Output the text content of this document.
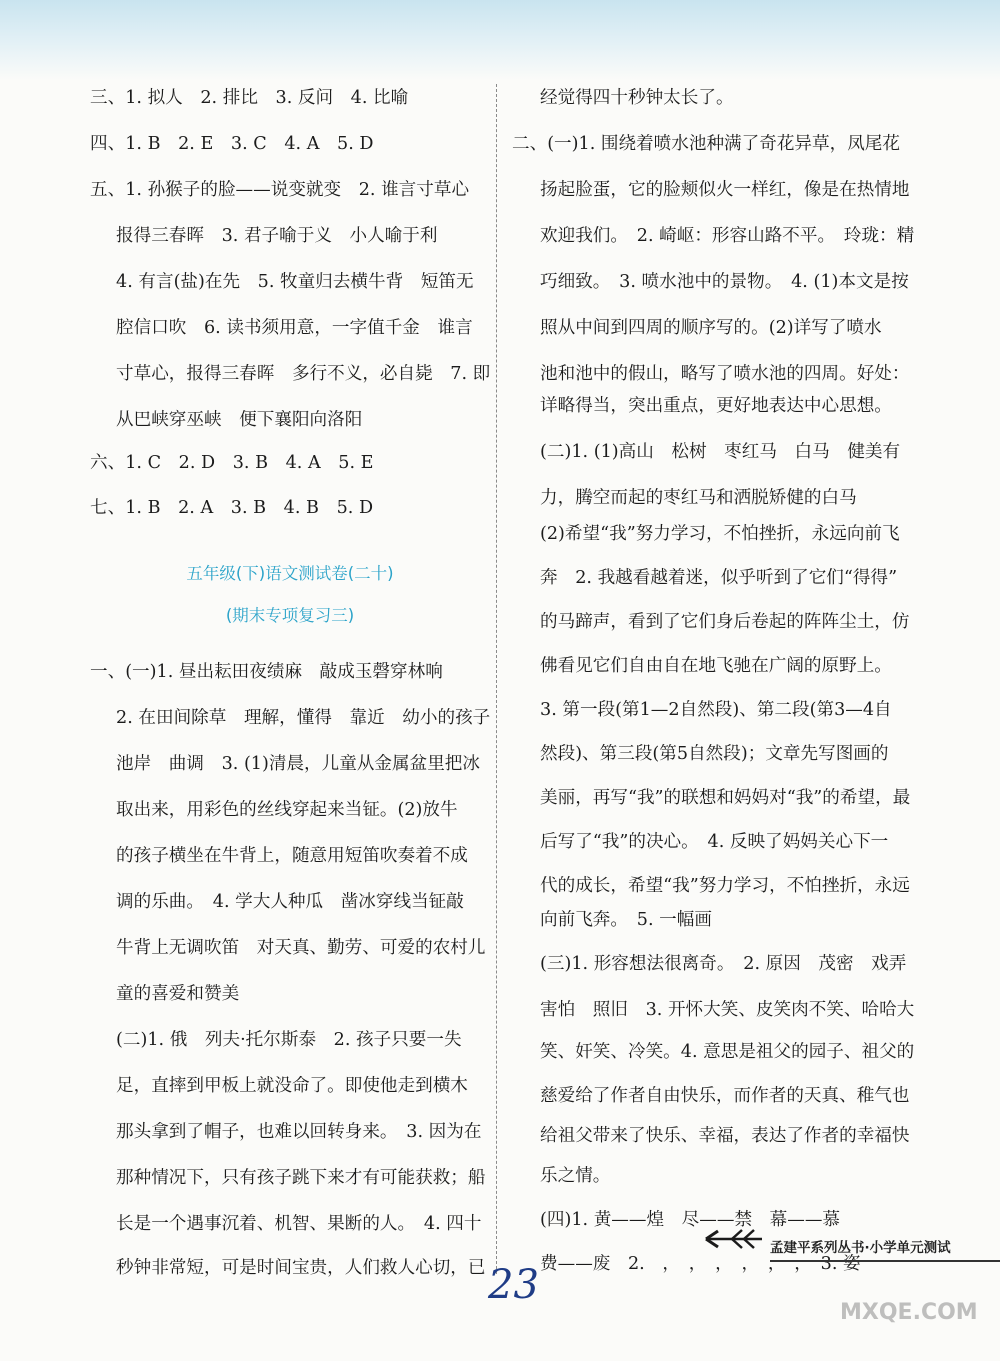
三、1. 拟人　2. 排比　3. 反问　4. 比喻
四、1. B　2. E　3. C　4. A　5. D
五、1. 孙猴子的脸——说变就变　2. 谁言寸草心
报得三春晖　3. 君子喻于义　小人喻于利
4. 有言(盐)在先　5. 牧童归去横牛背　短笛无
腔信口吹　6. 读书须用意，一字值千金　谁言
寸草心，报得三春晖　多行不义，必自毙　7. 即
从巴峡穿巫峡　便下襄阳向洛阳
六、1. C　2. D　3. B　4. A　5. E
七、1. B　2. A　3. B　4. B　5. D
五年级(下)语文测试卷(二十)
(期末专项复习三)
一、(一)1. 昼出耘田夜绩麻　敲成玉磬穿林响
2. 在田间除草　理解，懂得　靠近　幼小的孩子
池岸　曲调　3. (1)清晨，儿童从金属盆里把冰
取出来，用彩色的丝线穿起来当钲。(2)放牛
的孩子横坐在牛背上，随意用短笛吹奏着不成
调的乐曲。　4. 学大人种瓜　凿冰穿线当钲敲
牛背上无调吹笛　对天真、勤劳、可爱的农村儿
童的喜爱和赞美
(二)1. 俄　列夫·托尔斯泰　2. 孩子只要一失
足，直摔到甲板上就没命了。即使他走到横木
那头拿到了帽子，也难以回转身来。　3. 因为在
那种情况下，只有孩子跳下来才有可能获救；船
长是一个遇事沉着、机智、果断的人。　4. 四十
秒钟非常短，可是时间宝贵，人们救人心切，已
经觉得四十秒钟太长了。
二、(一)1. 围绕着喷水池种满了奇花异草，凤尾花
扬起脸蛋，它的脸颊似火一样红，像是在热情地
欢迎我们。　2. 崎岖：形容山路不平。　玲珑：精
巧细致。　3. 喷水池中的景物。　4. (1)本文是按
照从中间到四周的顺序写的。(2)详写了喷水
池和池中的假山，略写了喷水池的四周。好处：
详略得当，突出重点，更好地表达中心思想。
(二)1. (1)高山　松树　枣红马　白马　健美有
力，腾空而起的枣红马和洒脱矫健的白马
(2)希望“我”努力学习，不怕挫折，永远向前飞
奔　2. 我越看越着迷，似乎听到了它们“得得”
的马蹄声，看到了它们身后卷起的阵阵尘土，仿
佛看见它们自由自在地飞驰在广阔的原野上。
3. 第一段(第1—2自然段)、第二段(第3—4自
然段)、第三段(第5自然段)；文章先写图画的
美丽，再写“我”的联想和妈妈对“我”的希望，最
后写了“我”的决心。　4. 反映了妈妈关心下一
代的成长，希望“我”努力学习，不怕挫折，永远
向前飞奔。　5. 一幅画
(三)1. 形容想法很离奇。　2. 原因　茂密　戏弄
害怕　照旧　3. 开怀大笑、皮笑肉不笑、哈哈大
笑、奸笑、冷笑。4. 意思是祖父的园子、祖父的
慈爱给了作者自由快乐，而作者的天真、稚气也
给祖父带来了快乐、幸福，表达了作者的幸福快
乐之情。
(四)1. 黄——煌　尽——禁　幕——慕
费——废　2.　，　，　，　，　，　，　3. 姿
孟建平系列丛书·小学单元测试
23
MXQE.COM
